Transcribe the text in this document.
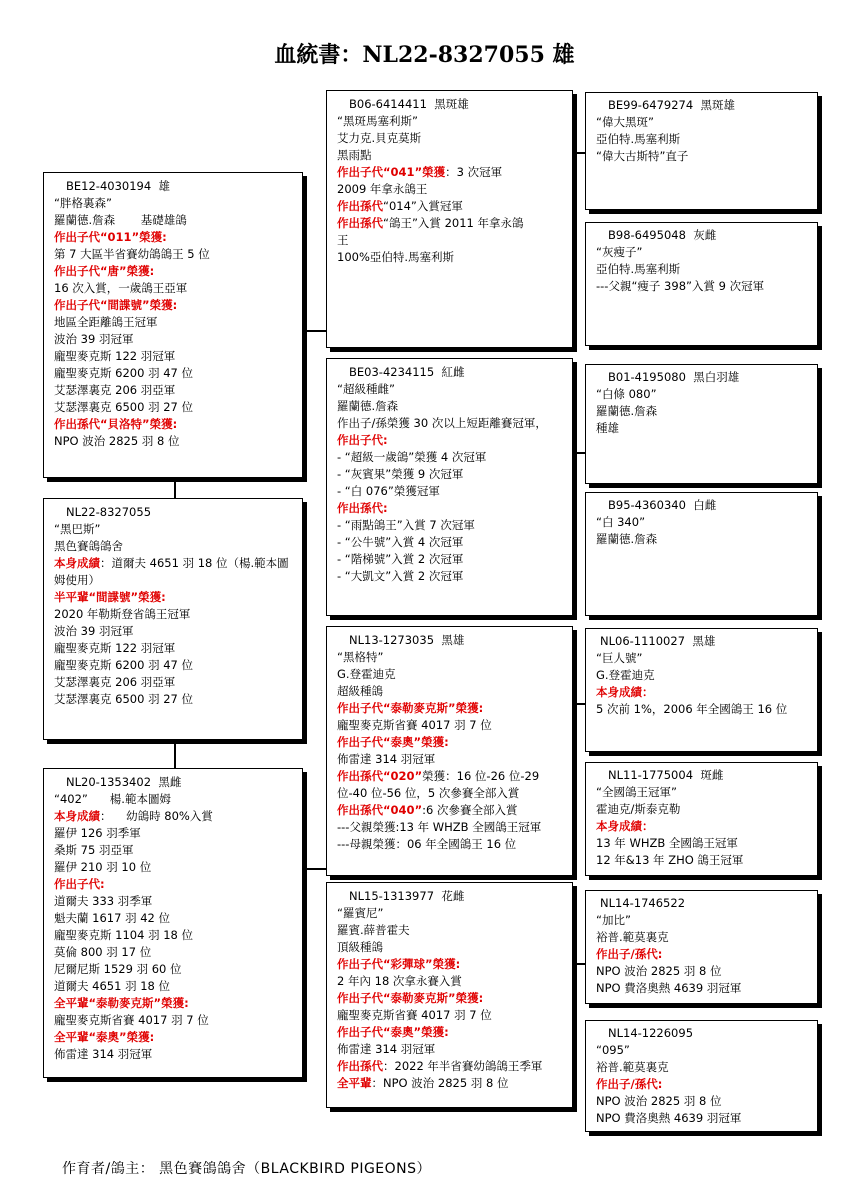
血統書：NL22-8327055 雄
BE12-4030194  雄
“胖格裏森”
羅蘭德.詹森       基礎雄鴿
作出子代“011”榮獲:
第 7 大區半省賽幼鴿鴿王 5 位
作出子代“唐”榮獲:
16 次入賞，一歲鴿王亞軍
作出子代“間諜號”榮獲:
地區全距離鴿王冠軍
波治 39 羽冠軍
龐聖麥克斯 122 羽冠軍
龐聖麥克斯 6200 羽 47 位
艾瑟澤裏克 206 羽亞軍
艾瑟澤裏克 6500 羽 27 位
作出孫代“貝洛特”榮獲:
NPO 波治 2825 羽 8 位
NL22-8327055
“黑巴斯”
黑色賽鴿鴿舍
本身成績：道爾夫 4651 羽 18 位（楊.範本圖姆使用）
半平輩“間諜號”榮獲:
2020 年勒斯登省鴿王冠軍
波治 39 羽冠軍
龐聖麥克斯 122 羽冠軍
龐聖麥克斯 6200 羽 47 位
艾瑟澤裏克 206 羽亞軍
艾瑟澤裏克 6500 羽 27 位
NL20-1353402  黑雌
“402”      楊.範本圖姆
本身成績：    幼鴿時 80%入賞
羅伊 126 羽季軍
桑斯 75 羽亞軍
羅伊 210 羽 10 位
作出子代:
道爾夫 333 羽季軍
魁夫蘭 1617 羽 42 位
龐聖麥克斯 1104 羽 18 位
莫倫 800 羽 17 位
尼爾尼斯 1529 羽 60 位
道爾夫 4651 羽 18 位
全平輩“泰勒麥克斯”榮獲:
龐聖麥克斯省賽 4017 羽 7 位
全平輩“泰奧”榮獲:
佈雷達 314 羽冠軍
B06-6414411  黑斑雄
“黑斑馬塞利斯”
艾力克.貝克莫斯
黑雨點
作出子代“041”榮獲：3 次冠軍
2009 年拿永鴿王
作出孫代“014”入賞冠軍
作出孫代“鴿王”入賞 2011 年拿永鴿
王
100%亞伯特.馬塞利斯
BE03-4234115  紅雌
“超級種雌”
羅蘭德.詹森
作出子/孫榮獲 30 次以上短距離賽冠軍，
作出子代:
- “超級一歲鴿”榮獲 4 次冠軍
- “灰賓果”榮獲 9 次冠軍
- “白 076”榮獲冠軍
作出孫代:
- “雨點鴿王”入賞 7 次冠軍
- “公牛號”入賞 4 次冠軍
- “階梯號”入賞 2 次冠軍
- “大凱文”入賞 2 次冠軍
NL13-1273035  黑雄
“黑格特”
G.登霍迪克
超級種鴿
作出子代“泰勒麥克斯”榮獲:
龐聖麥克斯省賽 4017 羽 7 位
作出子代“泰奧”榮獲:
佈雷達 314 羽冠軍
作出孫代“020”榮獲：16 位-26 位-29
位-40 位-56 位，5 次參賽全部入賞
作出孫代“040”:6 次參賽全部入賞
---父親榮獲:13 年 WHZB 全國鴿王冠軍
---母親榮獲：06 年全國鴿王 16 位
NL15-1313977  花雌
“羅賓尼”
羅賓.薛普霍夫
頂級種鴿
作出子代“彩彈球”榮獲:
2 年內 18 次拿永賽入賞
作出子代“泰勒麥克斯”榮獲:
龐聖麥克斯省賽 4017 羽 7 位
作出子代“泰奧”榮獲:
佈雷達 314 羽冠軍
作出孫代：2022 年半省賽幼鴿鴿王季軍
全平輩：NPO 波治 2825 羽 8 位
BE99-6479274  黑斑雄
“偉大黑斑”
亞伯特.馬塞利斯
“偉大古斯特”直子
B98-6495048  灰雌
“灰瘦子”
亞伯特.馬塞利斯
---父親“瘦子 398”入賞 9 次冠軍
B01-4195080  黑白羽雄
“白條 080”
羅蘭德.詹森
種雄
B95-4360340  白雌
“白 340”
羅蘭德.詹森
NL06-1110027  黑雄
“巨人號”
G.登霍迪克
本身成績：
5 次前 1%，2006 年全國鴿王 16 位
NL11-1775004  斑雌
“全國鴿王冠軍”
霍迪克/斯泰克勒
本身成績：
13 年 WHZB 全國鴿王冠軍
12 年&13 年 ZHO 鴿王冠軍
NL14-1746522
“加比”
裕普.範莫裏克
作出子/孫代:
NPO 波治 2825 羽 8 位
NPO 費洛奧熱 4639 羽冠軍
NL14-1226095
“095”
裕普.範莫裏克
作出子/孫代:
NPO 波治 2825 羽 8 位
NPO 費洛奧熱 4639 羽冠軍
作育者/鴿主： 黑色賽鴿鴿舍（BLACKBIRD PIGEONS）
